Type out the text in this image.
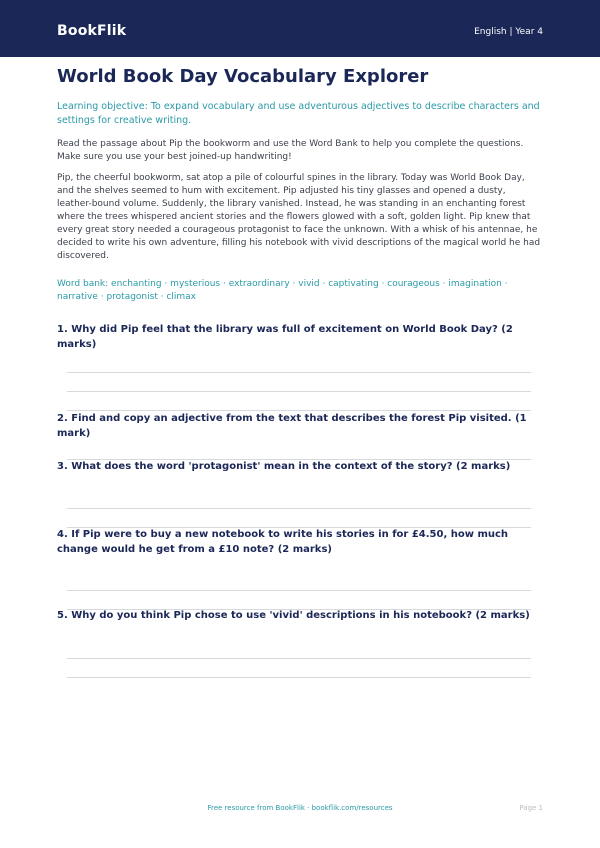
BookFlik	English | Year 4
World Book Day Vocabulary Explorer
Learning objective: To expand vocabulary and use adventurous adjectives to describe characters and settings for creative writing.
Read the passage about Pip the bookworm and use the Word Bank to help you complete the questions. Make sure you use your best joined-up handwriting!
Pip, the cheerful bookworm, sat atop a pile of colourful spines in the library. Today was World Book Day, and the shelves seemed to hum with excitement. Pip adjusted his tiny glasses and opened a dusty, leather-bound volume. Suddenly, the library vanished. Instead, he was standing in an enchanting forest where the trees whispered ancient stories and the flowers glowed with a soft, golden light. Pip knew that every great story needed a courageous protagonist to face the unknown. With a whisk of his antennae, he decided to write his own adventure, filling his notebook with vivid descriptions of the magical world he had discovered.
Word bank: enchanting · mysterious · extraordinary · vivid · captivating · courageous · imagination · narrative · protagonist · climax
1. Why did Pip feel that the library was full of excitement on World Book Day? (2 marks)
2. Find and copy an adjective from the text that describes the forest Pip visited. (1 mark)
3. What does the word 'protagonist' mean in the context of the story? (2 marks)
4. If Pip were to buy a new notebook to write his stories in for £4.50, how much change would he get from a £10 note? (2 marks)
5. Why do you think Pip chose to use 'vivid' descriptions in his notebook? (2 marks)
Free resource from BookFlik · bookflik.com/resources	Page 1
